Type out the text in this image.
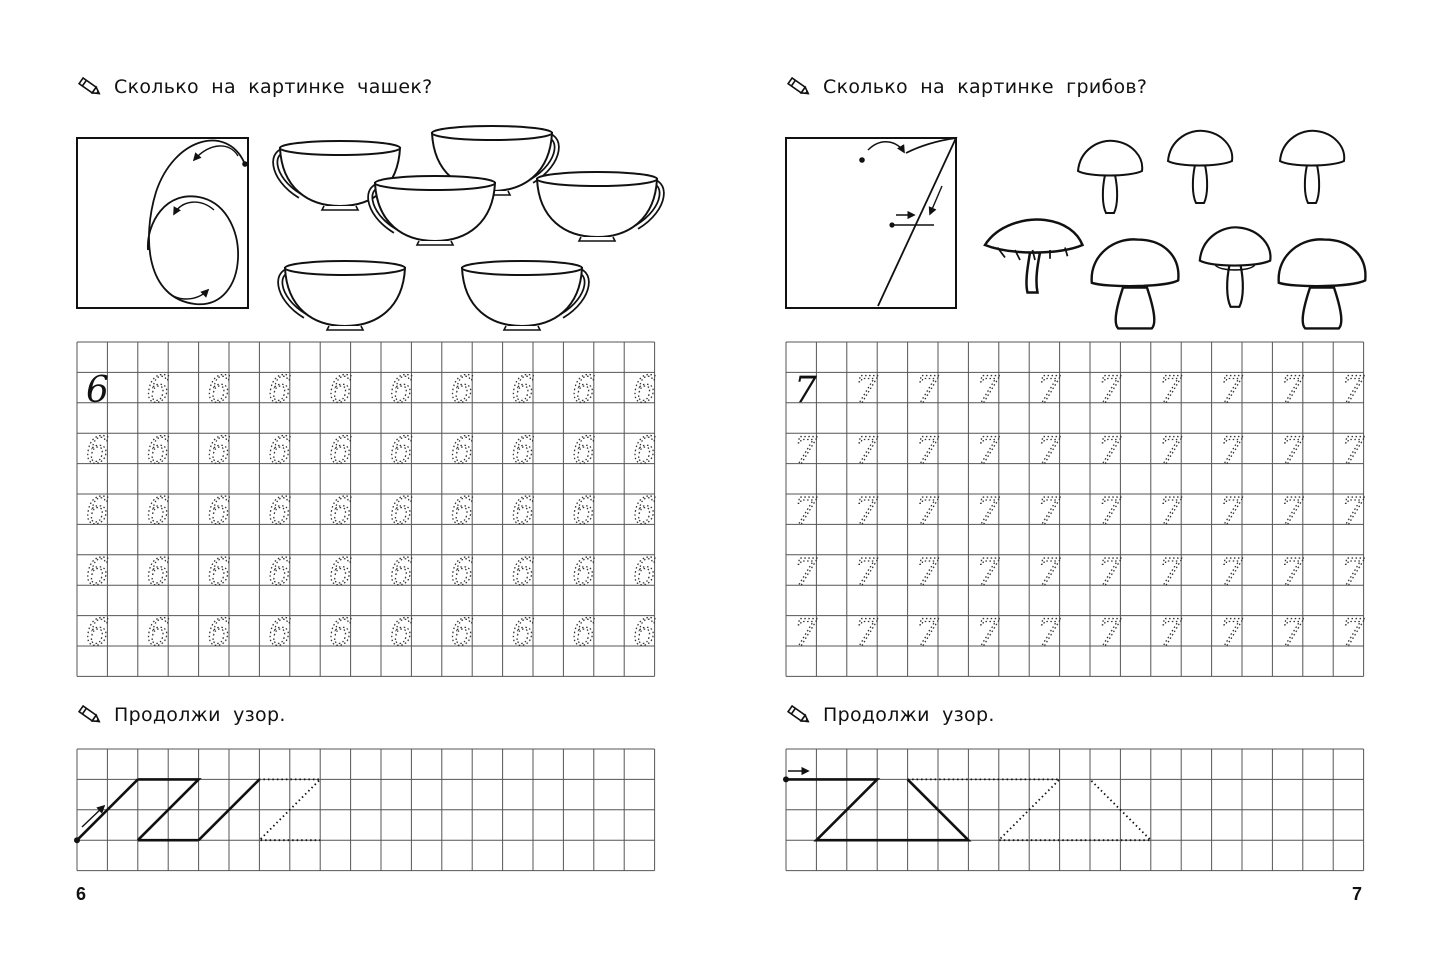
Сколько на картинке чашек?
Продолжи узор.
6
Сколько на картинке грибов?
Продолжи узор.
7
6 6 6 6 6 6 6 6 6 6
6 6 6 6 6 6 6 6 6 6
6 6 6 6 6 6 6 6 6 6
6 6 6 6 6 6 6 6 6 6
6 6 6 6 6 6 6 6 6 6
7 7 7 7 7 7 7 7 7 7
7 7 7 7 7 7 7 7 7 7
7 7 7 7 7 7 7 7 7 7
7 7 7 7 7 7 7 7 7 7
7 7 7 7 7 7 7 7 7 7
